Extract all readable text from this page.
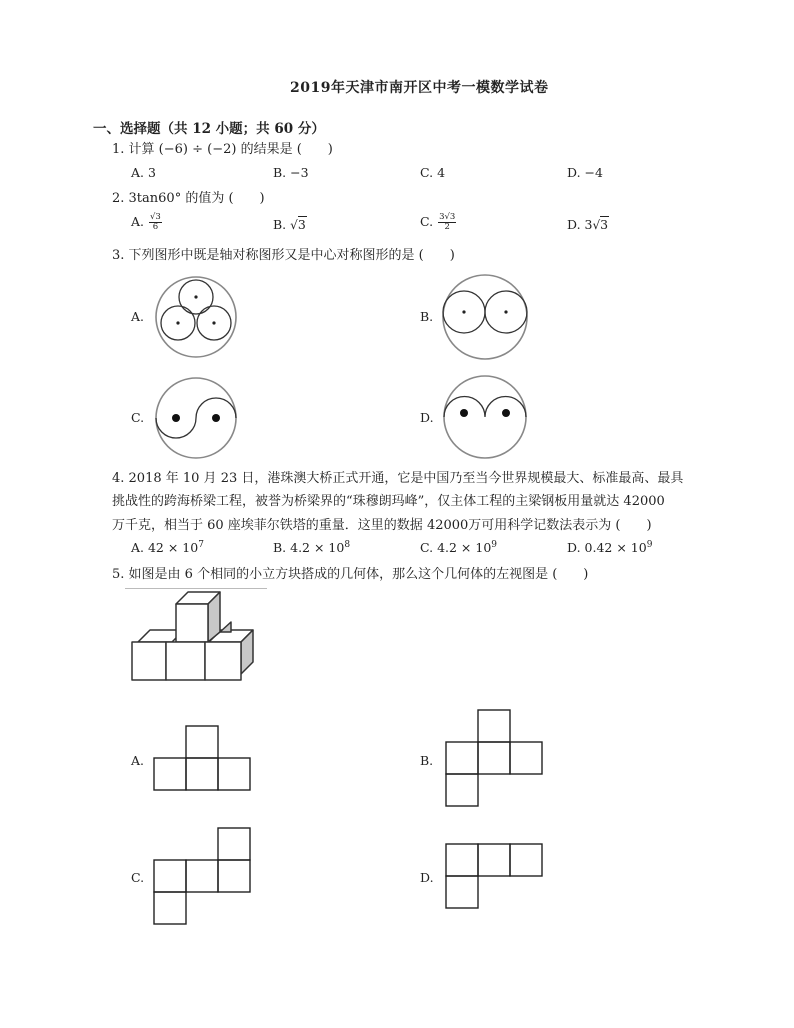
2019年天津市南开区中考一模数学试卷
一、选择题（共 12 小题；共 60 分）
1. 计算 (−6) ÷ (−2) 的结果是 (　　)
A. 3	B. −3	C. 4	D. −4
2. 3tan60° 的值为 (　　)
A. $\frac{√3}{6}$	B. √3	C. $\frac{3√3}{2}$	D. 3√3
3. 下列图形中既是轴对称图形又是中心对称图形的是 (　　)
A.	B.
C.	D.
4. 2018 年 10 月 23 日，港珠澳大桥正式开通，它是中国乃至当今世界规模最大、标准最高、最具
挑战性的跨海桥梁工程，被誉为桥梁界的“珠穆朗玛峰”，仅主体工程的主梁钢板用量就达 42000
万千克，相当于 60 座埃菲尔铁塔的重量．这里的数据 42000万可用科学记数法表示为 (　　)
A. $42 \times 10^7$	B. $4.2 \times 10^8$	C. $4.2 \times 10^9$	D. $0.42 \times 10^9$
5. 如图是由 6 个相同的小立方块搭成的几何体，那么这个几何体的左视图是 (　　)
A.	B.
C.	D.
